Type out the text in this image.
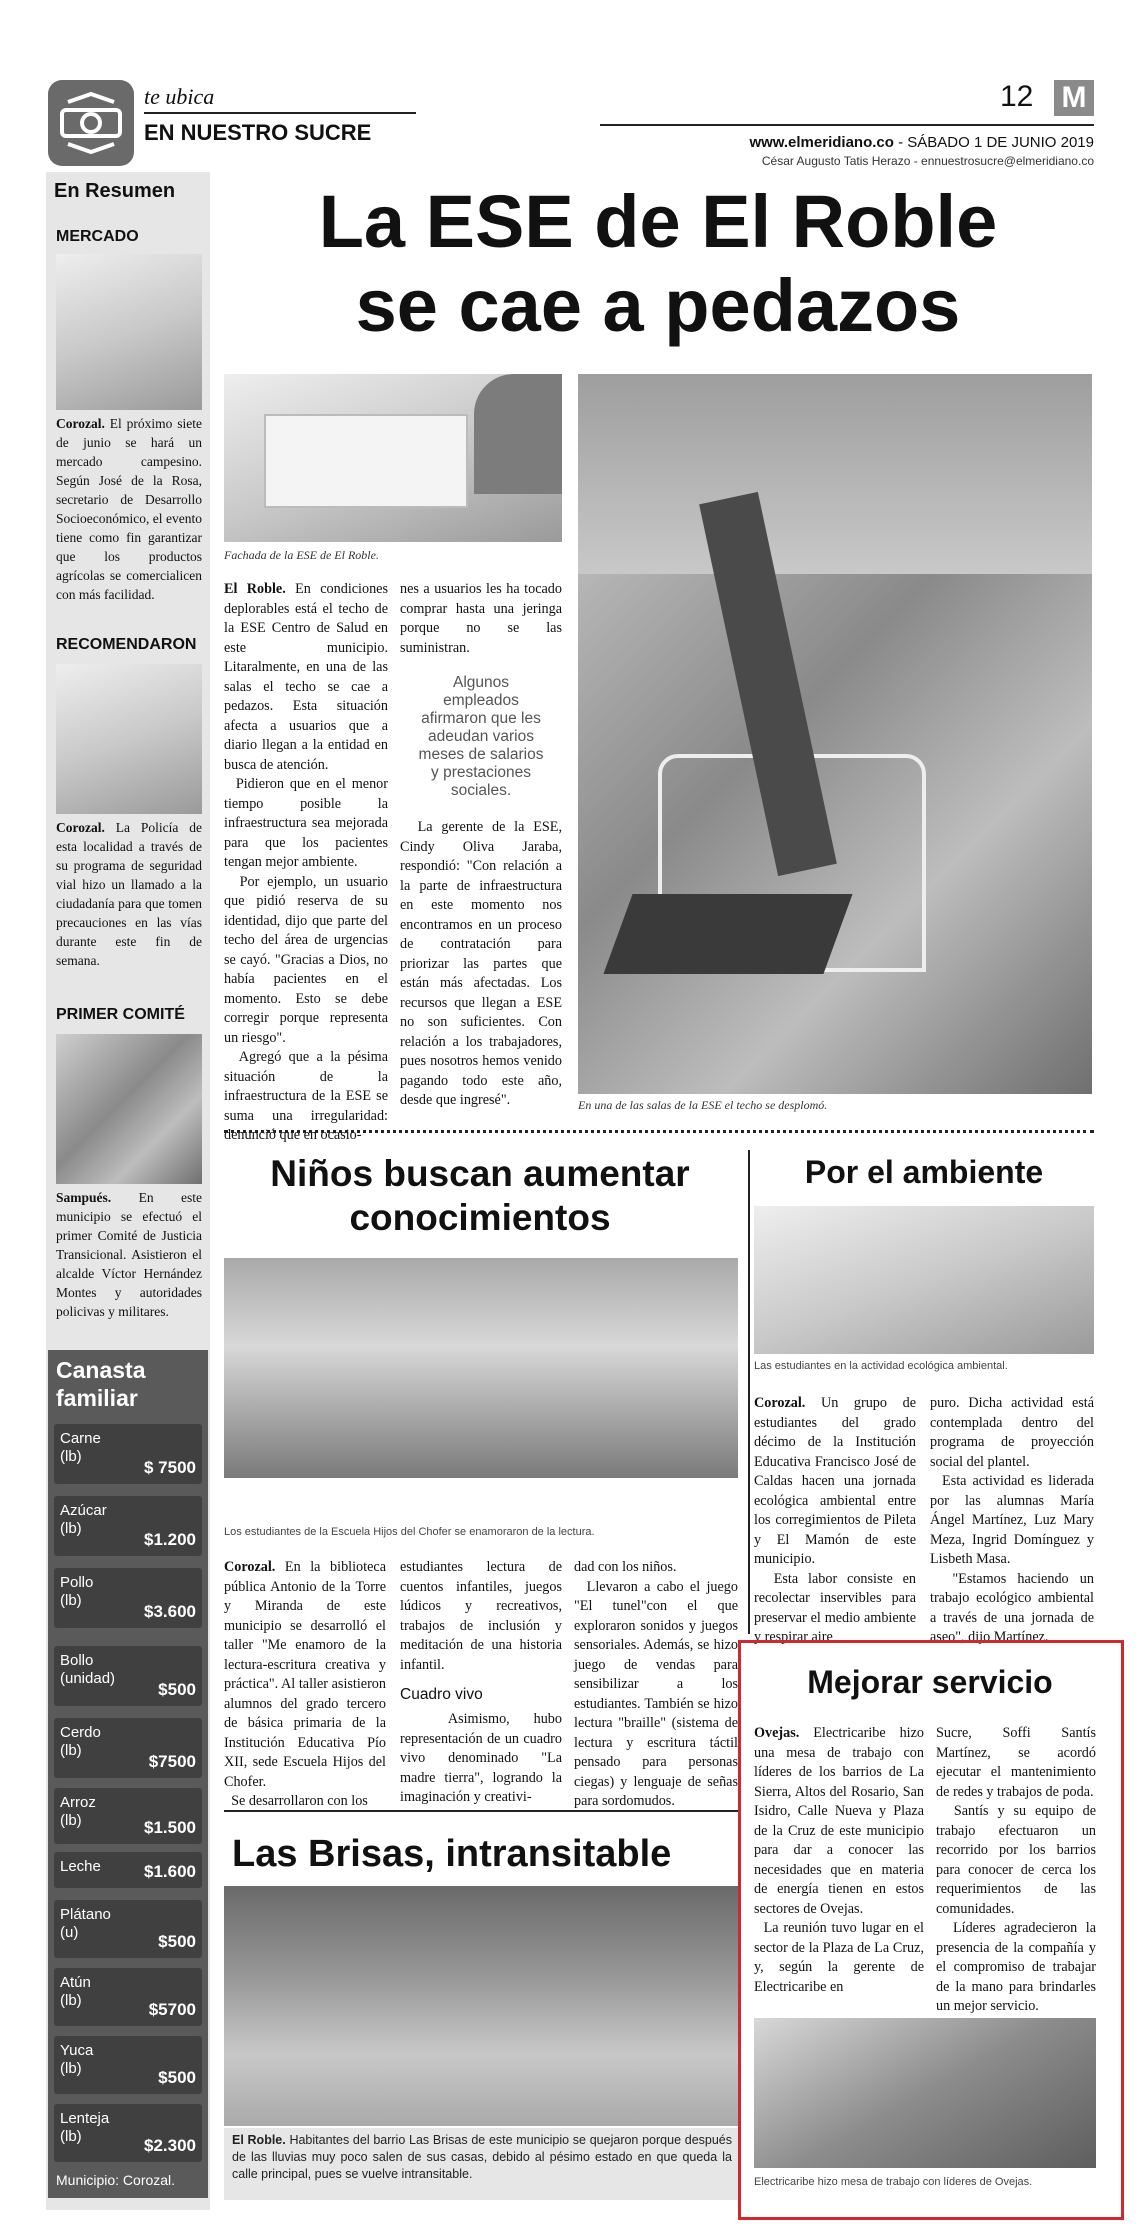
te ubica
EN NUESTRO SUCRE
12 M
www.elmeridiano.co - SÁBADO 1 DE JUNIO 2019
César Augusto Tatis Herazo - ennuestrosucre@elmeridiano.co
En Resumen
MERCADO
Corozal. El próximo siete de junio se hará un mercado campesino. Según José de la Rosa, secretario de Desarrollo Socioeconómico, el evento tiene como fin garantizar que los productos agrícolas se comercialicen con más facilidad.
RECOMENDARON
Corozal. La Policía de esta localidad a través de su programa de seguridad vial hizo un llamado a la ciudadanía para que tomen precauciones en las vías durante este fin de semana.
PRIMER COMITÉ
Sampués. En este municipio se efectuó el primer Comité de Justicia Transicional. Asistieron el alcalde Víctor Hernández Montes y autoridades policivas y militares.
Canasta familiar
Carne
(lb)
$ 7500
Azúcar
(lb)
$1.200
Pollo
(lb)
$3.600
Bollo
(unidad)
$500
Cerdo
(lb)
$7500
Arroz
(lb)	$1.500
Leche	$1.600
Plátano
(u)	$500
Atún
(lb)	$5700
Yuca
(lb)	$500
Lenteja
(lb)	$2.300
Municipio: Corozal.
La ESE de El Roble
se cae a pedazos
Fachada de la ESE de El Roble.
En una de las salas de la ESE el techo se desplomó.
El Roble. En condiciones deplorables está el techo de la ESE Centro de Salud en este municipio. Litaralmente, en una de las salas el techo se cae a pedazos. Esta situación afecta a usuarios que a diario llegan a la entidad en busca de atención.
Pidieron que en el menor tiempo posible la infraestructura sea mejorada para que los pacientes tengan mejor ambiente.
Por ejemplo, un usuario que pidió reserva de su identidad, dijo que parte del techo del área de urgencias se cayó. "Gracias a Dios, no había pacientes en el momento. Esto se debe corregir porque representa un riesgo".
Agregó que a la pésima situación de la infraestructura de la ESE se suma una irregularidad: denunció que en ocasio-
nes a usuarios les ha tocado comprar hasta una jeringa porque no se las suministran.
Algunos empleados afirmaron que les adeudan varios meses de salarios y prestaciones sociales.
La gerente de la ESE, Cindy Oliva Jaraba, respondió: "Con relación a la parte de infraestructura en este momento nos encontramos en un proceso de contratación para priorizar las partes que están más afectadas. Los recursos que llegan a ESE no son suficientes. Con relación a los trabajadores, pues nosotros hemos venido pagando todo este año, desde que ingresé".
Niños buscan aumentar conocimientos
Los estudiantes de la Escuela Hijos del Chofer se enamoraron de la lectura.
Corozal. En la biblioteca pública Antonio de la Torre y Miranda de este municipio se desarrolló el taller "Me enamoro de la lectura-escritura creativa y práctica". Al taller asistieron alumnos del grado tercero de básica primaria de la Institución Educativa Pío XII, sede Escuela Hijos del Chofer.
Se desarrollaron con los
estudiantes lectura de cuentos infantiles, juegos lúdicos y recreativos, trabajos de inclusión y meditación de una historia infantil.
Cuadro vivo
Asimismo, hubo representación de un cuadro vivo denominado "La madre tierra", logrando la imaginación y creativi-
dad con los niños.
Llevaron a cabo el juego "El tunel"con el que exploraron sonidos y juegos sensoriales. Además, se hizo juego de vendas para sensibilizar a los estudiantes. También se hizo lectura "braille" (sistema de lectura y escritura táctil pensado para personas ciegas) y lenguaje de señas para sordomudos.
Por el ambiente
Las estudiantes en la actividad ecológica ambiental.
Corozal. Un grupo de estudiantes del grado décimo de la Institución Educativa Francisco José de Caldas hacen una jornada ecológica ambiental entre los corregimientos de Pileta y El Mamón de este municipio.
Esta labor consiste en recolectar inservibles para preservar el medio ambiente y respirar aire
puro. Dicha actividad está contemplada dentro del programa de proyección social del plantel.
Esta actividad es liderada por las alumnas María Ángel Martínez, Luz Mary Meza, Ingrid Domínguez y Lisbeth Masa.
"Estamos haciendo un trabajo ecológico ambiental a través de una jornada de aseo", dijo Martínez.
Mejorar servicio
Ovejas. Electricaribe hizo una mesa de trabajo con líderes de los barrios de La Sierra, Altos del Rosario, San Isidro, Calle Nueva y Plaza de la Cruz de este municipio para dar a conocer las necesidades que en materia de energía tienen en estos sectores de Ovejas.
La reunión tuvo lugar en el sector de la Plaza de La Cruz, y, según la gerente de Electricaribe en
Sucre, Soffi Santís Martínez, se acordó ejecutar el mantenimiento de redes y trabajos de poda.
Santís y su equipo de trabajo efectuaron un recorrido por los barrios para conocer de cerca los requerimientos de las comunidades.
Líderes agradecieron la presencia de la compañía y el compromiso de trabajar de la mano para brindarles un mejor servicio.
Electricaribe hizo mesa de trabajo con líderes de Ovejas.
Las Brisas, intransitable
El Roble. Habitantes del barrio Las Brisas de este municipio se quejaron porque después de las lluvias muy poco salen de sus casas, debido al pésimo estado en que queda la calle principal, pues se vuelve intransitable.
